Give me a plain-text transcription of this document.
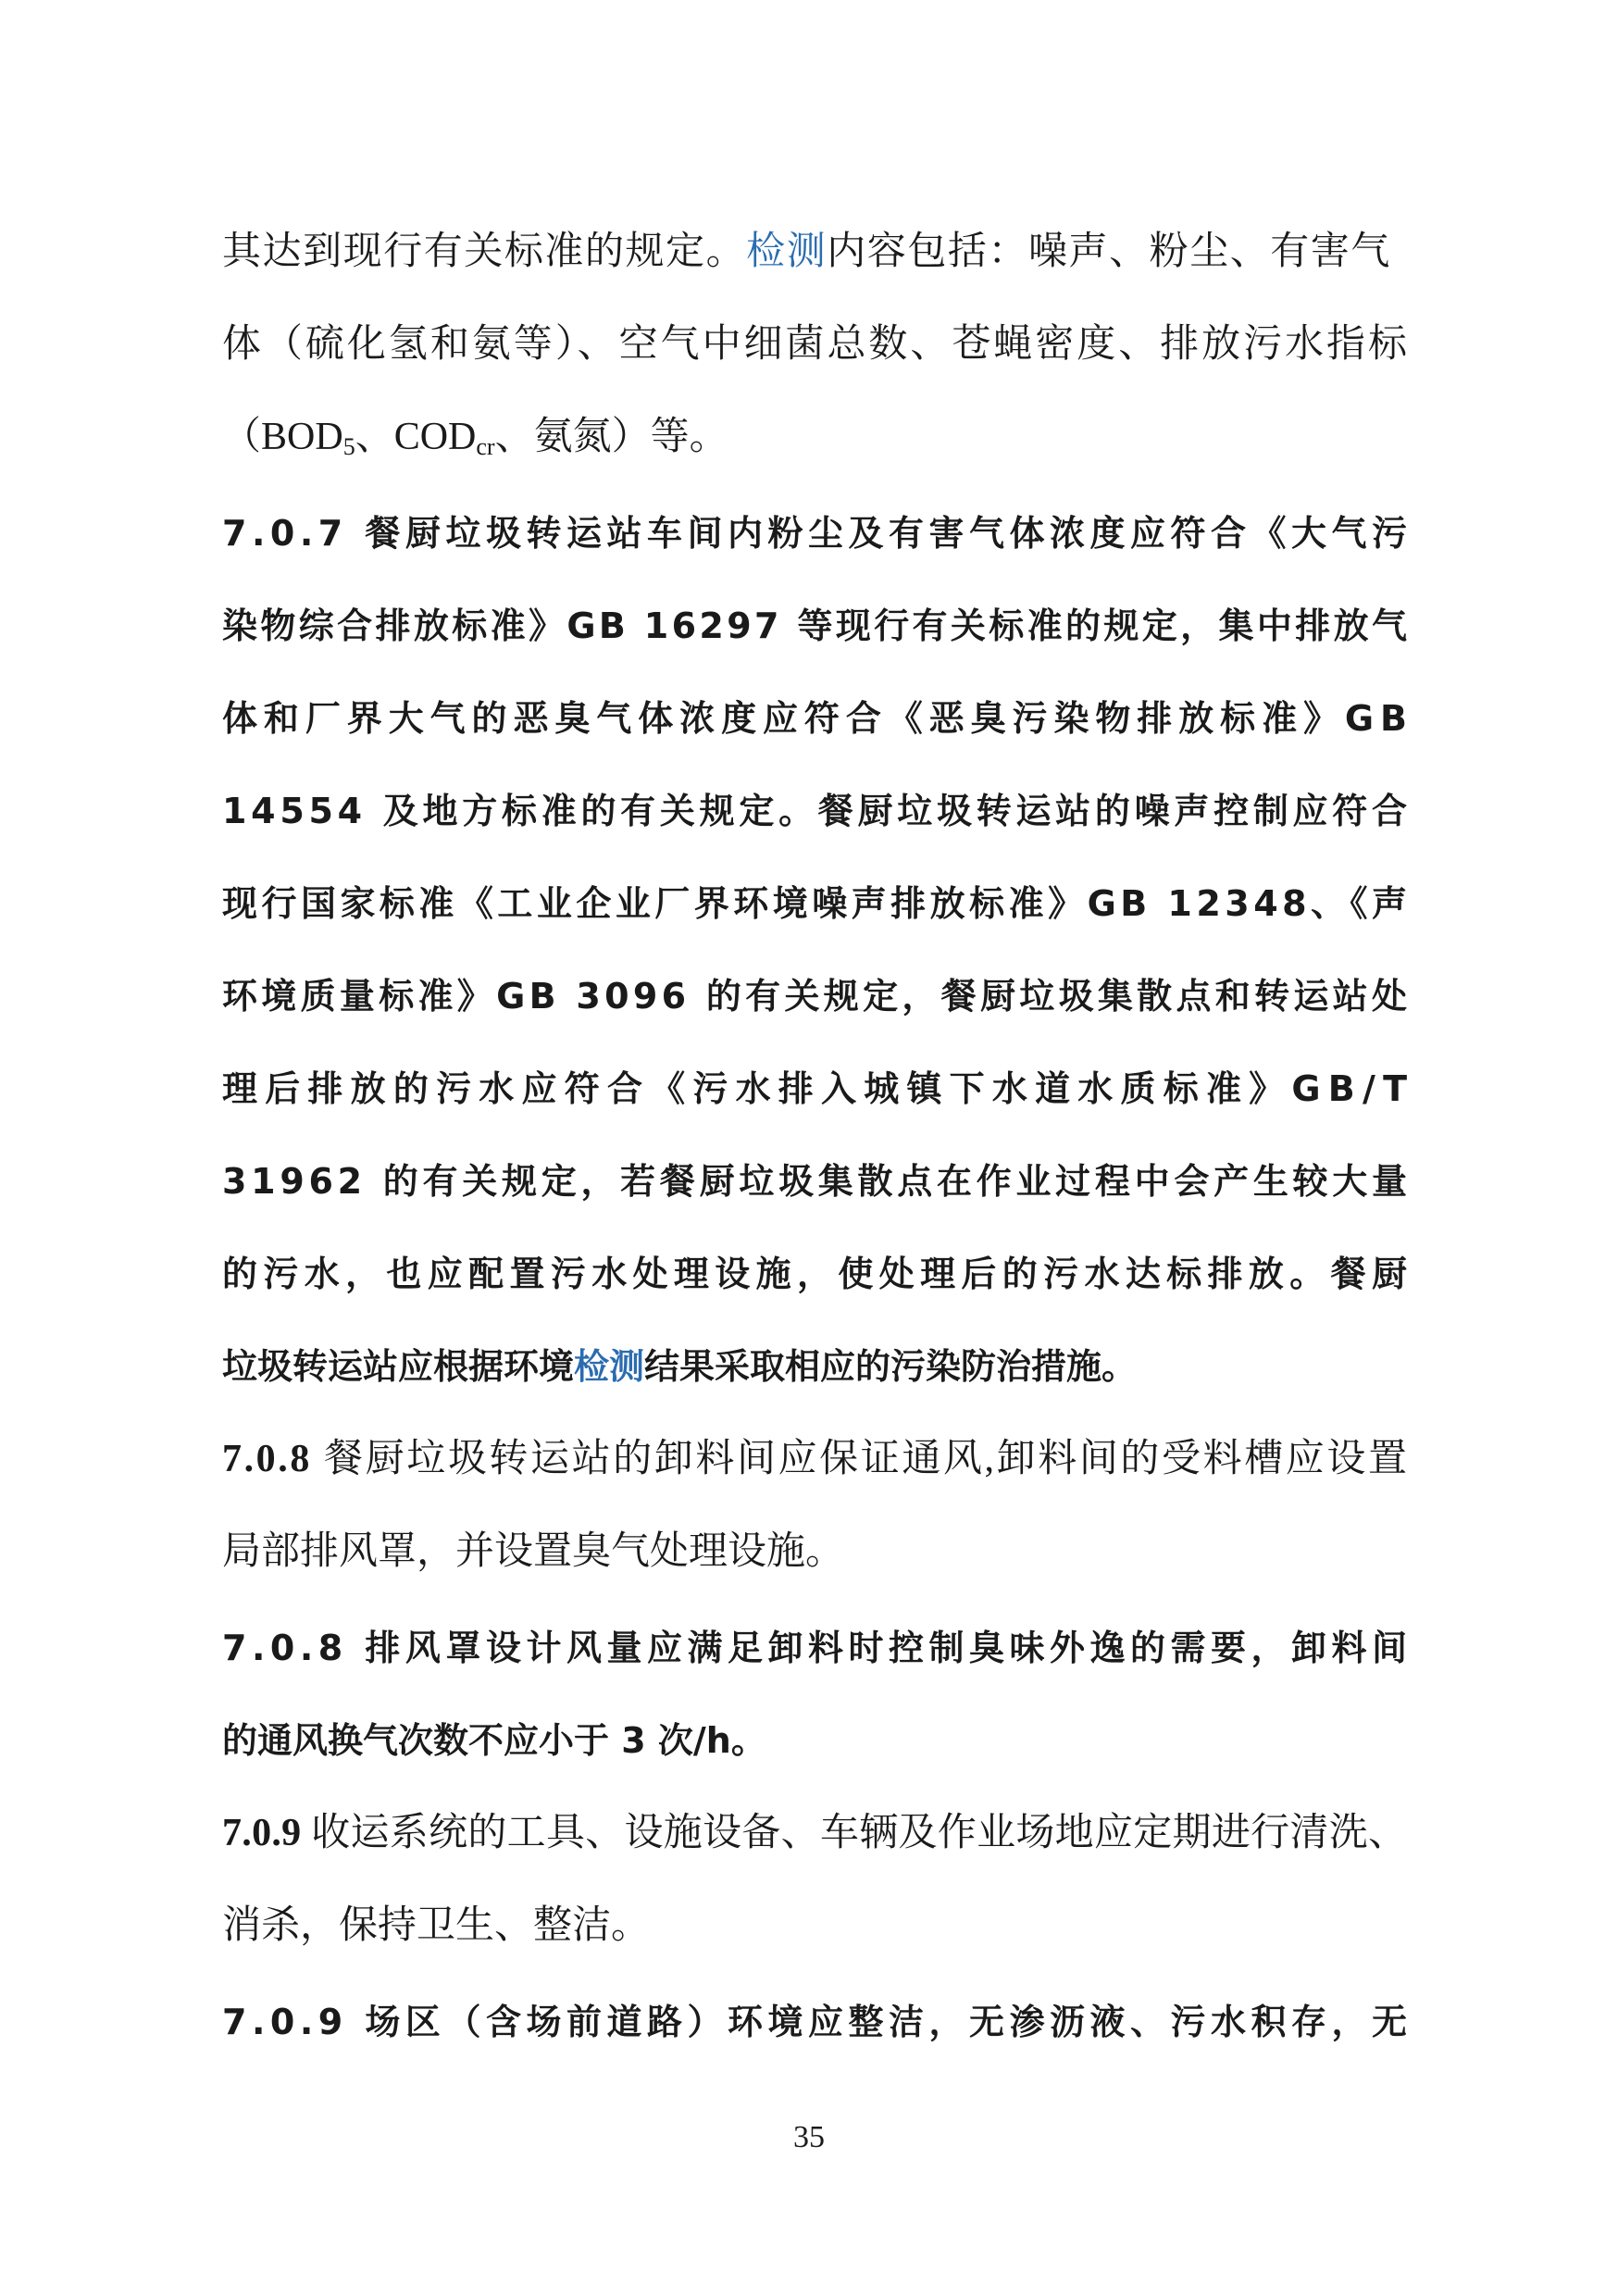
其达到现行有关标准的规定。检测内容包括：噪声、粉尘、有害气
体（硫化氢和氨等）、空气中细菌总数、苍蝇密度、排放污水指标
（$BOD_5$、$COD_{cr}$、氨氮）等。
7.0.7 餐厨垃圾转运站车间内粉尘及有害气体浓度应符合《大气污
染物综合排放标准》GB 16297 等现行有关标准的规定，集中排放气
体和厂界大气的恶臭气体浓度应符合《恶臭污染物排放标准》GB
14554 及地方标准的有关规定。餐厨垃圾转运站的噪声控制应符合
现行国家标准《工业企业厂界环境噪声排放标准》GB 12348、《声
环境质量标准》GB 3096 的有关规定，餐厨垃圾集散点和转运站处
理后排放的污水应符合《污水排入城镇下水道水质标准》GB/T
31962 的有关规定，若餐厨垃圾集散点在作业过程中会产生较大量
的污水，也应配置污水处理设施，使处理后的污水达标排放。餐厨
垃圾转运站应根据环境检测结果采取相应的污染防治措施。
7.0.8 餐厨垃圾转运站的卸料间应保证通风,卸料间的受料槽应设置
局部排风罩，并设置臭气处理设施。
7.0.8 排风罩设计风量应满足卸料时控制臭味外逸的需要，卸料间
的通风换气次数不应小于 3 次/h。
7.0.9 收运系统的工具、设施设备、车辆及作业场地应定期进行清洗、
消杀，保持卫生、整洁。
7.0.9 场区（含场前道路）环境应整洁，无渗沥液、污水积存，无
35
